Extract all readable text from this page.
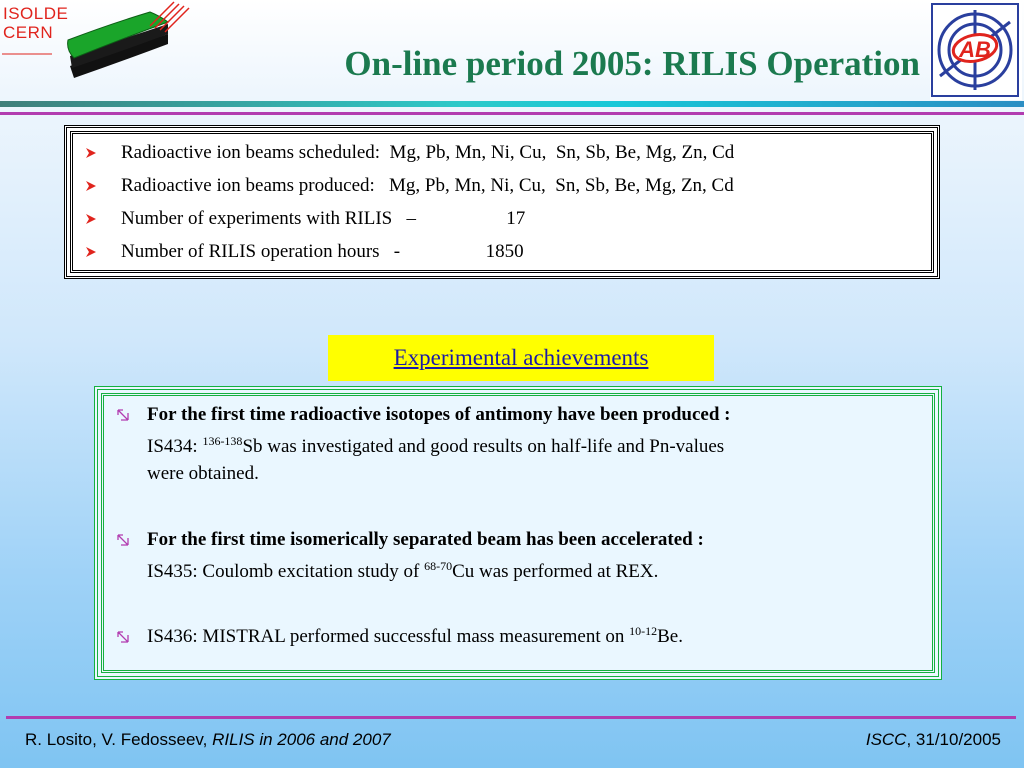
ISOLDE
CERN
On-line period 2005: RILIS Operation AB

Radioactive ion beams scheduled:  Mg, Pb, Mn, Ni, Cu,  Sn, Sb, Be, Mg, Zn, Cd

Radioactive ion beams produced:   Mg, Pb, Mn, Ni, Cu,  Sn, Sb, Be, Mg, Zn, Cd

Number of experiments with RILIS   –                   17

Number of RILIS operation hours   -                  1850

Experimental achievements
For the first time radioactive isotopes of antimony have been produced :
IS434: $^{136-138}$Sb was investigated and good results on half-life and Pn-values
were obtained.
For the first time isomerically separated beam has been accelerated :
IS435: Coulomb excitation study of $^{68-70}$Cu was performed at REX.
IS436: MISTRAL performed successful mass measurement on $^{10-12}$Be.
R. Losito, V. Fedosseev, RILIS in 2006 and 2007	ISCC, 31/10/2005
